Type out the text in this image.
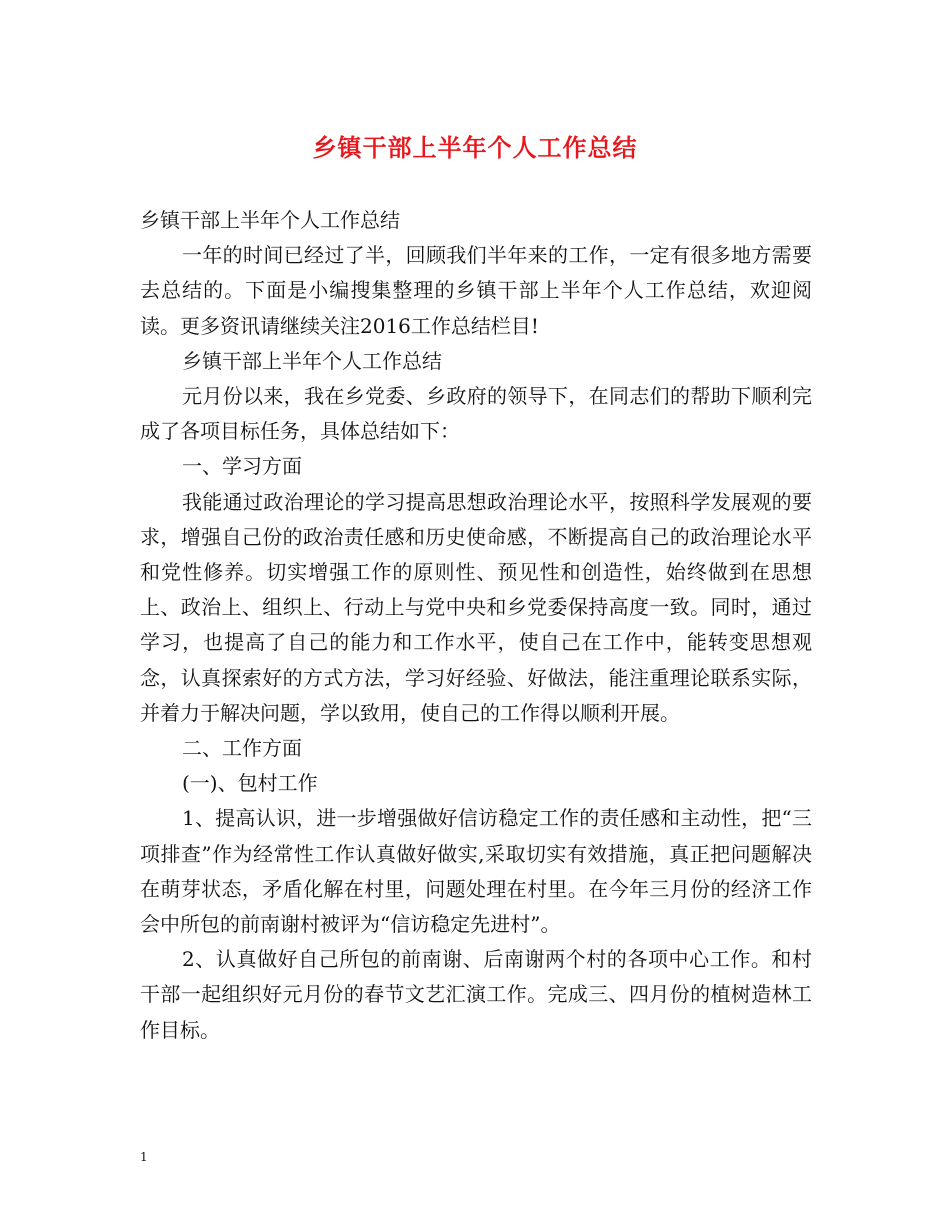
乡镇干部上半年个人工作总结

乡镇干部上半年个人工作总结

一年的时间已经过了半，回顾我们半年来的工作，一定有很多地方需要去总结的。下面是小编搜集整理的乡镇干部上半年个人工作总结，欢迎阅读。更多资讯请继续关注2016工作总结栏目!

乡镇干部上半年个人工作总结

元月份以来，我在乡党委、乡政府的领导下，在同志们的帮助下顺利完成了各项目标任务，具体总结如下：

一、学习方面

我能通过政治理论的学习提高思想政治理论水平，按照科学发展观的要求，增强自己份的政治责任感和历史使命感，不断提高自己的政治理论水平和党性修养。切实增强工作的原则性、预见性和创造性，始终做到在思想上、政治上、组织上、行动上与党中央和乡党委保持高度一致。同时，通过学习，也提高了自己的能力和工作水平，使自己在工作中，能转变思想观念，认真探索好的方式方法，学习好经验、好做法，能注重理论联系实际，并着力于解决问题，学以致用，使自己的工作得以顺利开展。

二、工作方面

(一)、包村工作

1、提高认识，进一步增强做好信访稳定工作的责任感和主动性，把“三项排查”作为经常性工作认真做好做实,采取切实有效措施，真正把问题解决在萌芽状态，矛盾化解在村里，问题处理在村里。在今年三月份的经济工作会中所包的前南谢村被评为“信访稳定先进村”。

2、认真做好自己所包的前南谢、后南谢两个村的各项中心工作。和村干部一起组织好元月份的春节文艺汇演工作。完成三、四月份的植树造林工作目标。

1
